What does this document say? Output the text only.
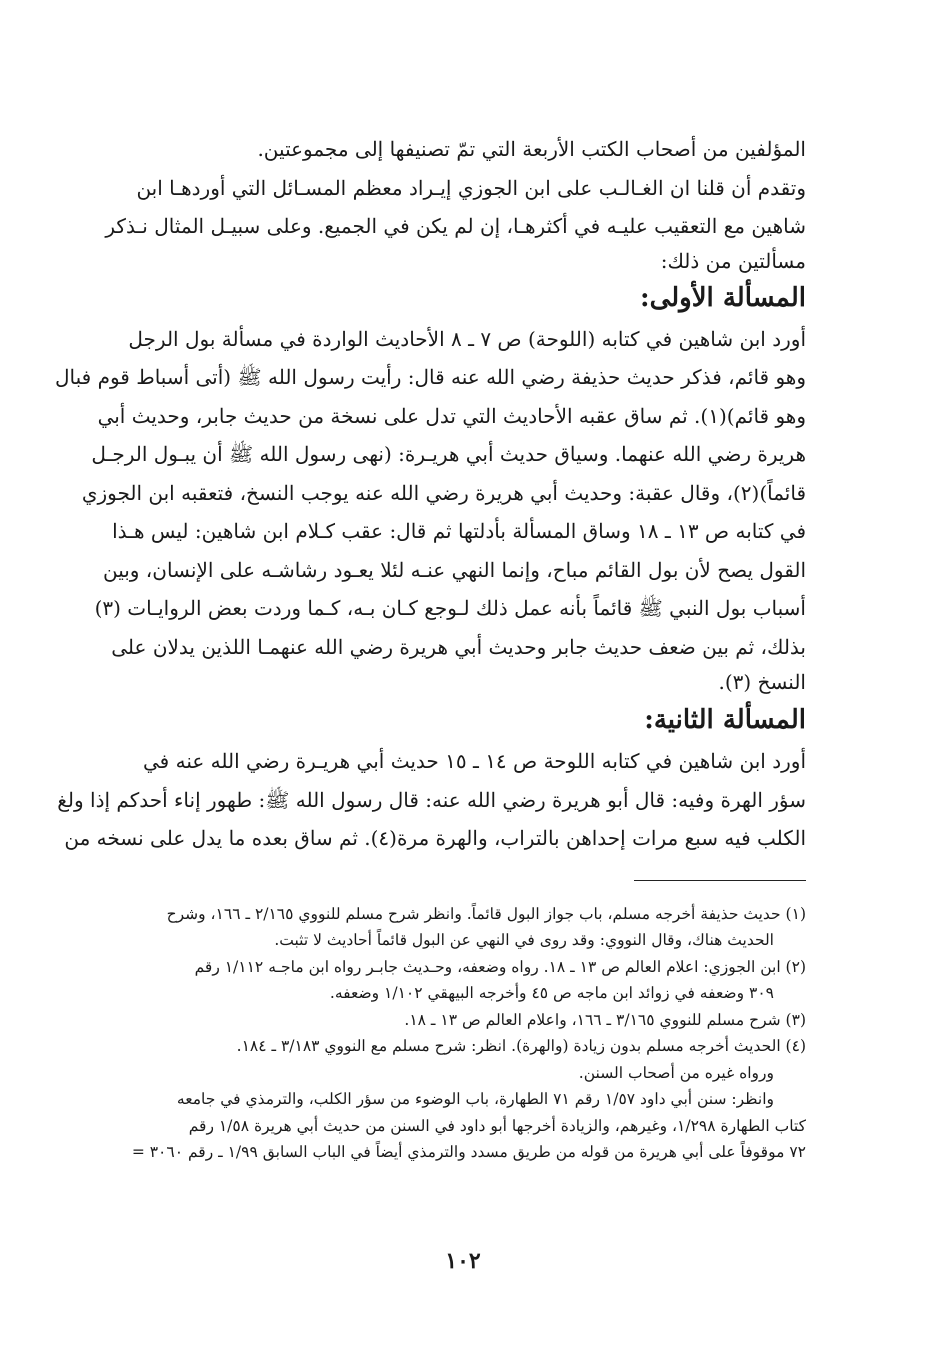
المؤلفين من أصحاب الكتب الأربعة التي تمّ تصنيفها إلى مجموعتين.
وتقدم أن قلنا ان الغـالـب على ابن الجوزي إيـراد معظم المسـائل التي أوردهـا ابن
شاهين مع التعقيب عليـه في أكثرهـا، إن لم يكن في الجميع. وعلى سبيـل المثال نـذكر
مسألتين من ذلك:
المسألة الأولى:
أورد ابن شاهين في كتابه (اللوحة) ص ٧ ـ ٨ الأحاديث الواردة في مسألة بول الرجل
وهو قائم، فذكر حديث حذيفة رضي الله عنه قال: رأيت رسول الله ﷺ (أتى أسباط قوم فبال
وهو قائم)(١). ثم ساق عقبه الأحاديث التي تدل على نسخة من حديث جابر، وحديث أبي
هريرة رضي الله عنهما. وسياق حديث أبي هريـرة: (نهى رسول الله ﷺ أن يبـول الرجـل
قائماً)(٢)، وقال عقبة: وحديث أبي هريرة رضي الله عنه يوجب النسخ، فتعقبه ابن الجوزي
في كتابه ص ١٣ ـ ١٨ وساق المسألة بأدلتها ثم قال: عقب كـلام ابن شاهين: ليس هـذا
القول يصح لأن بول القائم مباح، وإنما النهي عنـه لئلا يعـود رشاشـه على الإنسان، وبين
أسباب بول النبي ﷺ قائماً بأنه عمل ذلك لـوجع كـان بـه، كـما وردت بعض الروايـات (٣)
بذلك، ثم بين ضعف حديث جابر وحديث أبي هريرة رضي الله عنهمـا اللذين يدلان على
النسخ (٣).
المسألة الثانية:
أورد ابن شاهين في كتابه اللوحة ص ١٤ ـ ١٥ حديث أبي هريـرة رضي الله عنه في
سؤر الهرة وفيه: قال أبو هريرة رضي الله عنه: قال رسول الله ﷺ: طهور إناء أحدكم إذا ولغ
الكلب فيه سبع مرات إحداهن بالتراب، والهرة مرة(٤). ثم ساق بعده ما يدل على نسخه من
(١) حديث حذيفة أخرجه مسلم، باب جواز البول قائماً. وانظر شرح مسلم للنووي ٢/١٦٥ ـ ١٦٦، وشرح
الحديث هناك، وقال النووي: وقد روى في النهي عن البول قائماً أحاديث لا تثبت.
(٢) ابن الجوزي: اعلام العالم ص ١٣ ـ ١٨. رواه وضعفه، وحـديث جابـر رواه ابن ماجـه ١/١١٢ رقم
٣٠٩ وضعفه في زوائد ابن ماجه ص ٤٥ وأخرجه البيهقي ١/١٠٢ وضعفه.
(٣) شرح مسلم للنووي ٣/١٦٥ ـ ١٦٦، واعلام العالم ص ١٣ ـ ١٨.
(٤) الحديث أخرجه مسلم بدون زيادة (والهرة). انظر: شرح مسلم مع النووي ٣/١٨٣ ـ ١٨٤.
ورواه غيره من أصحاب السنن.
وانظر: سنن أبي داود ١/٥٧ رقم ٧١ الطهارة، باب الوضوء من سؤر الكلب، والترمذي في جامعه
كتاب الطهارة ١/٢٩٨، وغيرهم، والزيادة أخرجها أبو داود في السنن من حديث أبي هريرة ١/٥٨ رقم
٧٢ موقوفاً على أبي هريرة من قوله من طريق مسدد والترمذي أيضاً في الباب السابق ١/٩٩ ـ رقم ٣٠٦٠ =
١٠٢
